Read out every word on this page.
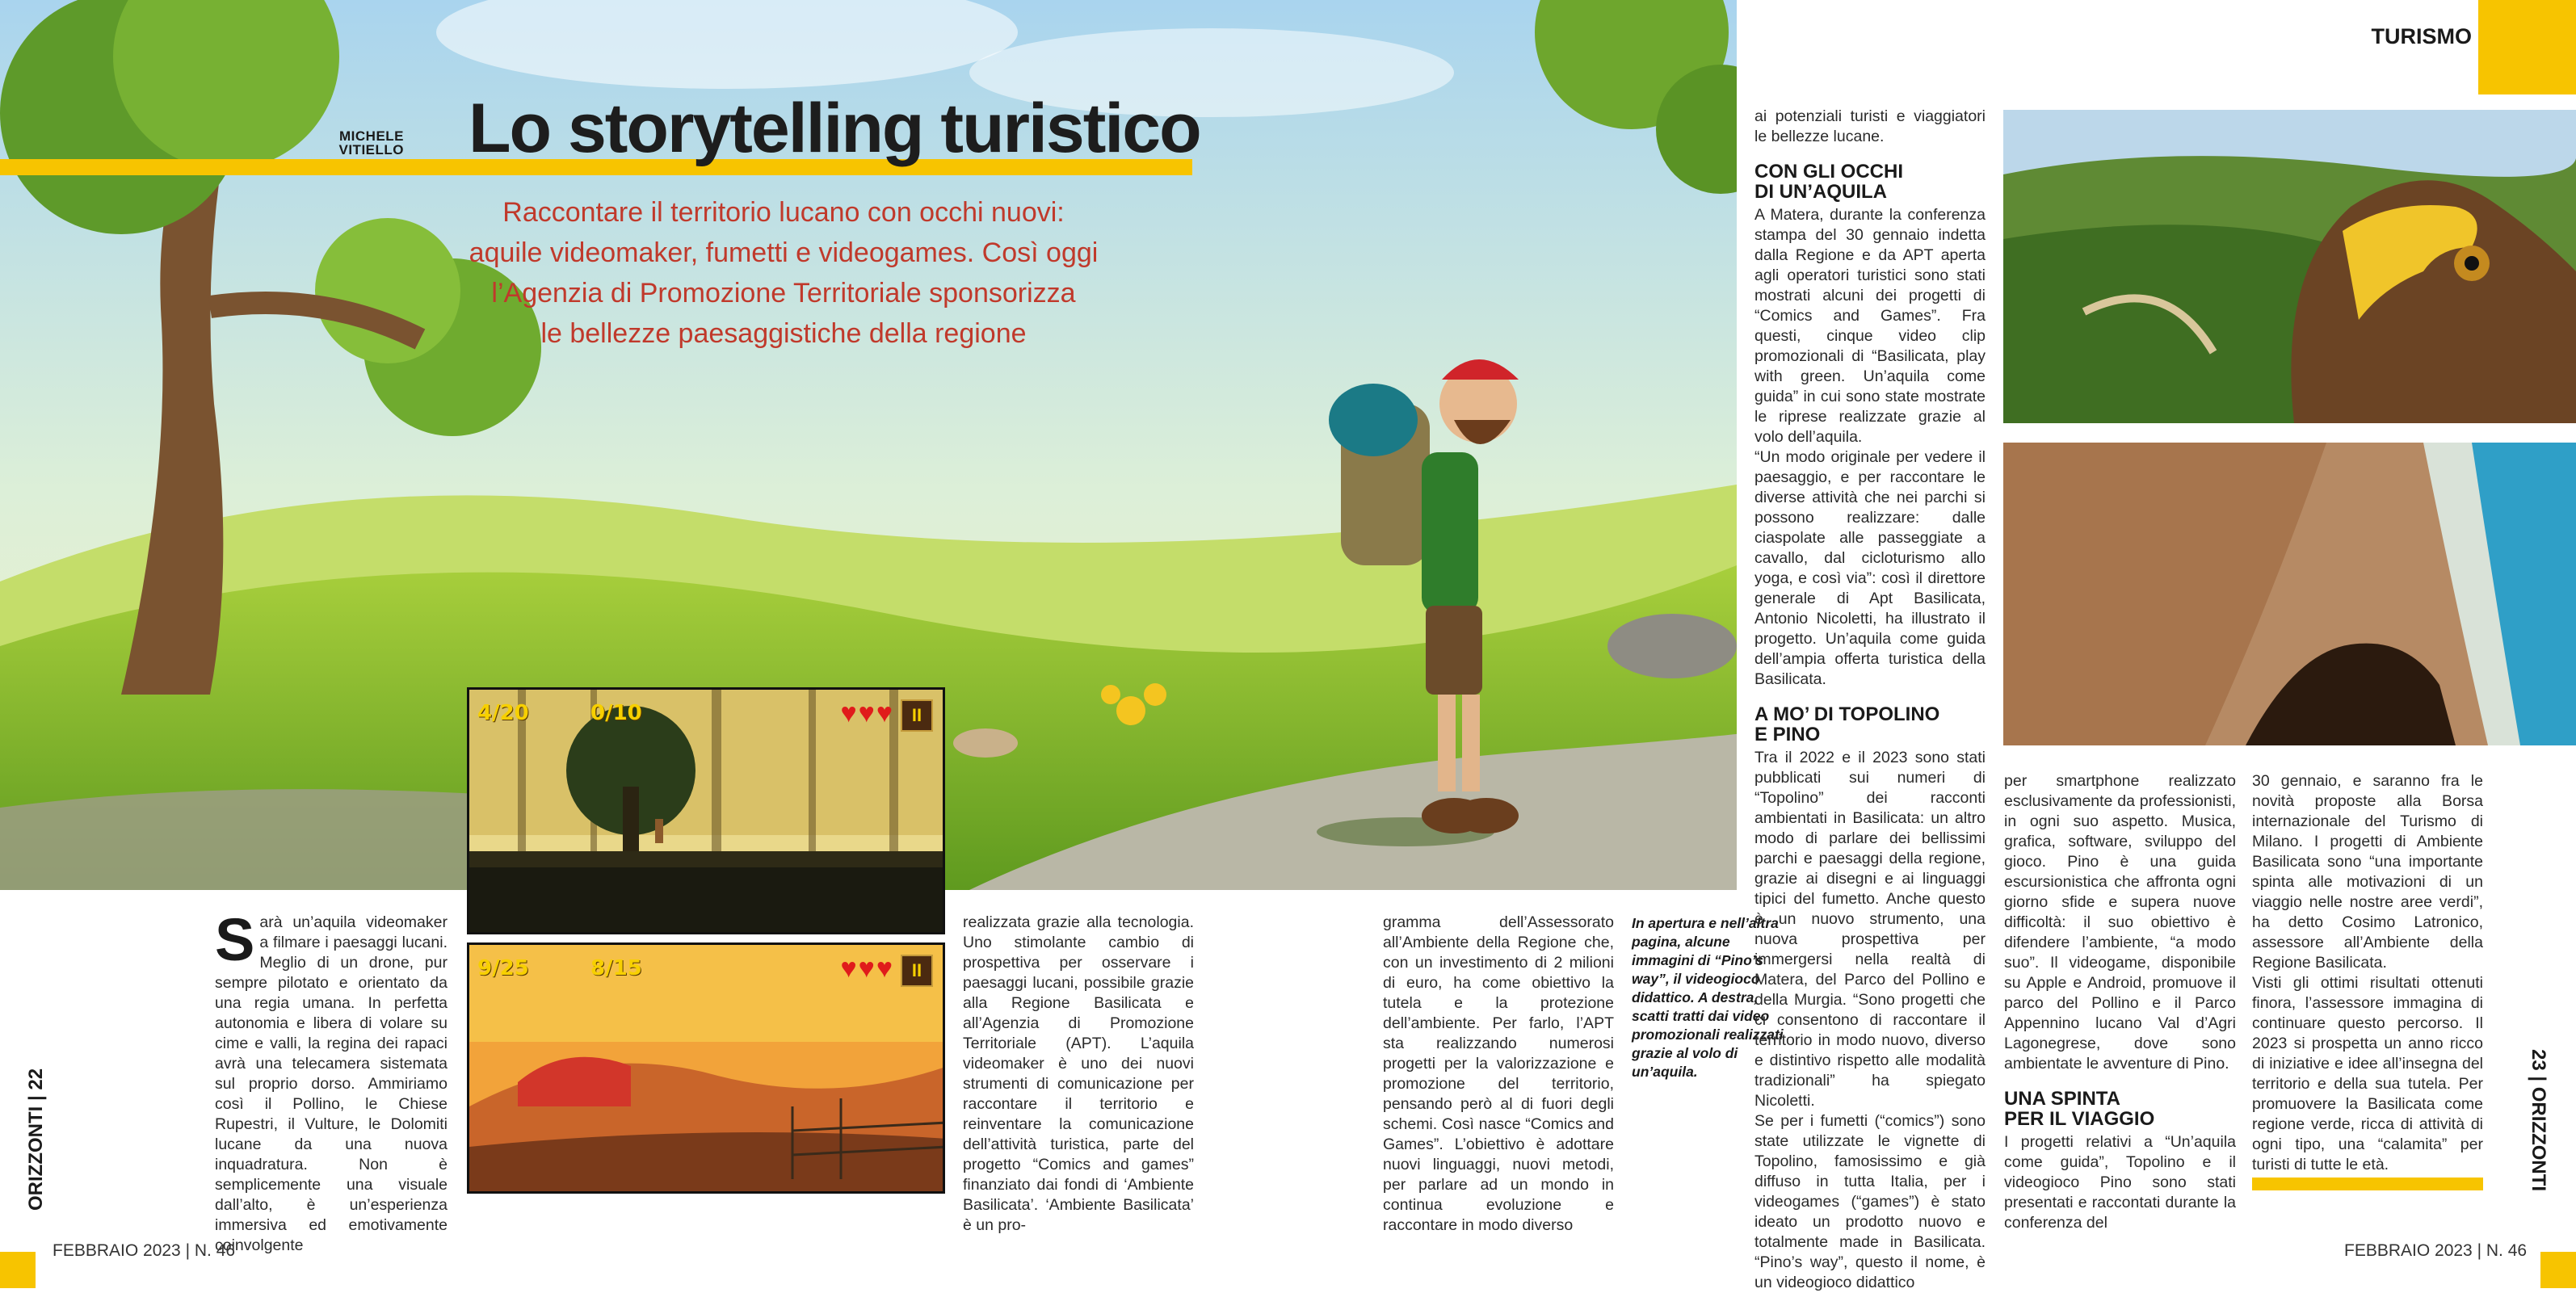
MICHELE
VITIELLO Lo storytelling turistico
Raccontare il territorio lucano con occhi nuovi:
aquile videomaker, fumetti e videogames. Così oggi
l’Agenzia di Promozione Territoriale sponsorizza
le bellezze paesaggistiche della regione
4/20	0/10	♥♥♥ II
9/25	8/15	♥♥♥ II
S arà un’aquila videomaker a filmare i paesaggi lucani. Meglio di un drone, pur sempre pilotato e orientato da una regia umana. In perfetta autonomia e libera di volare su cime e valli, la regina dei rapaci avrà una telecamera sistemata sul proprio dorso. Ammiriamo così il Pollino, le Chiese Rupestri, il Vulture, le Dolomiti lucane da una nuova inquadratura. Non è semplicemente una visuale dall’alto, è un’esperienza immersiva ed emotivamente coinvolgente

realizzata grazie alla tecnologia. Uno stimolante cambio di prospettiva per osservare i paesaggi lucani, possibile grazie alla Regione Basilicata e all’Agenzia di Promozione Territoriale (APT). L’aquila videomaker è uno dei nuovi strumenti di comunicazione per raccontare il territorio e reinventare la comunicazione dell’attività turistica, parte del progetto “Comics and games” finanziato dai fondi di ‘Ambiente Basilicata’. ‘Ambiente Basilicata’ è un pro-

gramma dell’Assessorato all’Ambiente della Regione che, con un investimento di 2 milioni di euro, ha come obiettivo la tutela e la protezione dell’ambiente. Per farlo, l’APT sta realizzando numerosi progetti per la valorizzazione e promozione del territorio, pensando però al di fuori degli schemi. Così nasce “Comics and Games”. L’obiettivo è adottare nuovi linguaggi, nuovi metodi, per parlare ad un mondo in continua evoluzione e raccontare in modo diverso

In apertura e nell’altra pagina, alcune immagini di “Pino’s way”, il videogioco didattico. A destra, scatti tratti dai video promozionali realizzati grazie al volo di un’aquila.

ai potenziali turisti e viaggiatori le bellezze lucane.

CON GLI OCCHI
DI UN’AQUILA

A Matera, durante la conferenza stampa del 30 gennaio indetta dalla Regione e da APT aperta agli operatori turistici sono stati mostrati alcuni dei progetti di “Comics and Games”. Fra questi, cinque video clip promozionali di “Basilicata, play with green. Un’aquila come guida” in cui sono state mostrate le riprese realizzate grazie al volo dell’aquila.

“Un modo originale per vedere il paesaggio, e per raccontare le diverse attività che nei parchi si possono realizzare: dalle ciaspolate alle passeggiate a cavallo, dal cicloturismo allo yoga, e così via”: così il direttore generale di Apt Basilicata, Antonio Nicoletti, ha illustrato il progetto. Un’aquila come guida dell’ampia offerta turistica della Basilicata.

A MO’ DI TOPOLINO
E PINO

Tra il 2022 e il 2023 sono stati pubblicati sui numeri di “Topolino” dei racconti ambientati in Basilicata: un altro modo di parlare dei bellissimi parchi e paesaggi della regione, grazie ai disegni e ai linguaggi tipici del fumetto. Anche questo è un nuovo strumento, una nuova prospettiva per immergersi nella realtà di Matera, del Parco del Pollino e della Murgia. “Sono progetti che ci consentono di raccontare il territorio in modo nuovo, diverso e distintivo rispetto alle modalità tradizionali” ha spiegato Nicoletti.

Se per i fumetti (“comics”) sono state utilizzate le vignette di Topolino, famosissimo e già diffuso in tutta Italia, per i videogames (“games”) è stato ideato un prodotto nuovo e totalmente made in Basilicata. “Pino’s way”, questo il nome, è un videogioco didattico

per smartphone realizzato esclusivamente da professionisti, in ogni suo aspetto. Musica, grafica, software, sviluppo del gioco. Pino è una guida escursionistica che affronta ogni giorno sfide e supera nuove difficoltà: il suo obiettivo è difendere l’ambiente, “a modo suo”. Il videogame, disponibile su Apple e Android, promuove il parco del Pollino e il Parco Appennino lucano Val d’Agri Lagonegrese, dove sono ambientate le avventure di Pino.

UNA SPINTA
PER IL VIAGGIO

I progetti relativi a “Un’aquila come guida”, Topolino e il videogioco Pino sono stati presentati e raccontati durante la conferenza del

30 gennaio, e saranno fra le novità proposte alla Borsa internazionale del Turismo di Milano. I progetti di Ambiente Basilicata sono “una importante spinta alle motivazioni di un viaggio nelle nostre aree verdi”, ha detto Cosimo Latronico, assessore all’Ambiente della Regione Basilicata.

Visti gli ottimi risultati ottenuti finora, l’assessore immagina di continuare questo percorso. Il 2023 si prospetta un anno ricco di iniziative e idee all’insegna del territorio e della sua tutela. Per promuovere la Basilicata come regione verde, ricca di attività di ogni tipo, una “calamita” per turisti di tutte le età.

TURISMO
ORIZZONTI | 22	23 | ORIZZONTI
FEBBRAIO 2023 | N. 46	FEBBRAIO 2023 | N. 46
